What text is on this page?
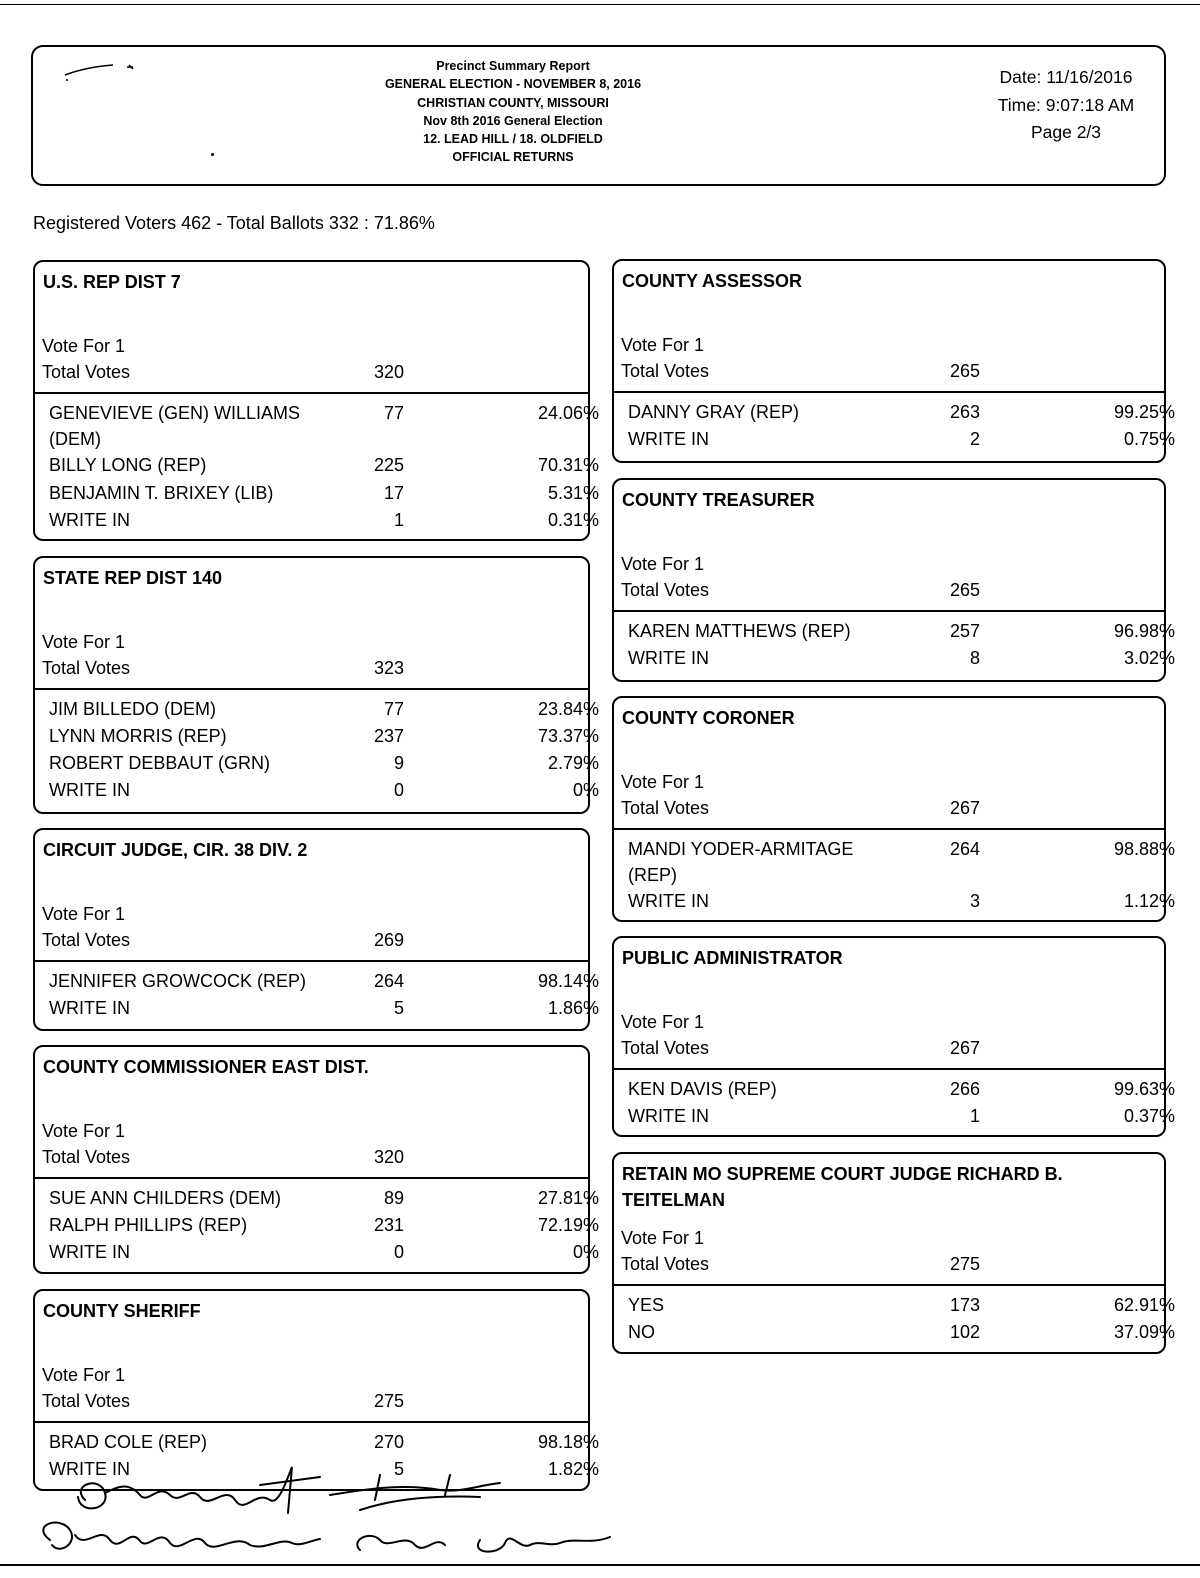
Precinct Summary Report
GENERAL ELECTION - NOVEMBER 8, 2016
CHRISTIAN COUNTY, MISSOURI
Nov 8th 2016 General Election
12. LEAD HILL / 18. OLDFIELD
OFFICIAL RETURNS
Date: 11/16/2016
Time: 9:07:18 AM
Page 2/3
Registered Voters 462 - Total Ballots 332 : 71.86%
U.S. REP DIST 7
Vote For 1
Total Votes	320
GENEVIEVE (GEN) WILLIAMS (DEM)
77	24.06%
BILLY LONG (REP)	225	70.31%
BENJAMIN T. BRIXEY (LIB)	17	5.31%
WRITE IN	1	0.31%
STATE REP DIST 140
Vote For 1
Total Votes	323
JIM BILLEDO (DEM)	77	23.84%
LYNN MORRIS (REP)	237	73.37%
ROBERT DEBBAUT (GRN)	9	2.79%
WRITE IN	0	0%
CIRCUIT JUDGE, CIR. 38 DIV. 2
Vote For 1
Total Votes	269
JENNIFER GROWCOCK (REP)	264	98.14%
WRITE IN	5	1.86%
COUNTY COMMISSIONER EAST DIST.
Vote For 1
Total Votes	320
SUE ANN CHILDERS (DEM)	89	27.81%
RALPH PHILLIPS (REP)	231	72.19%
WRITE IN	0	0%
COUNTY SHERIFF
Vote For 1
Total Votes	275
BRAD COLE (REP)	270	98.18%
WRITE IN	5	1.82%
COUNTY ASSESSOR
Vote For 1
Total Votes	265
DANNY GRAY (REP)	263	99.25%
WRITE IN	2	0.75%
COUNTY TREASURER
Vote For 1
Total Votes	265
KAREN MATTHEWS (REP)	257	96.98%
WRITE IN	8	3.02%
COUNTY CORONER
Vote For 1
Total Votes	267
MANDI YODER-ARMITAGE (REP)
264	98.88%
WRITE IN	3	1.12%
PUBLIC ADMINISTRATOR
Vote For 1
Total Votes	267
KEN DAVIS (REP)	266	99.63%
WRITE IN	1	0.37%
RETAIN MO SUPREME COURT JUDGE RICHARD B. TEITELMAN
Vote For 1
Total Votes	275
YES	173	62.91%
NO	102	37.09%
